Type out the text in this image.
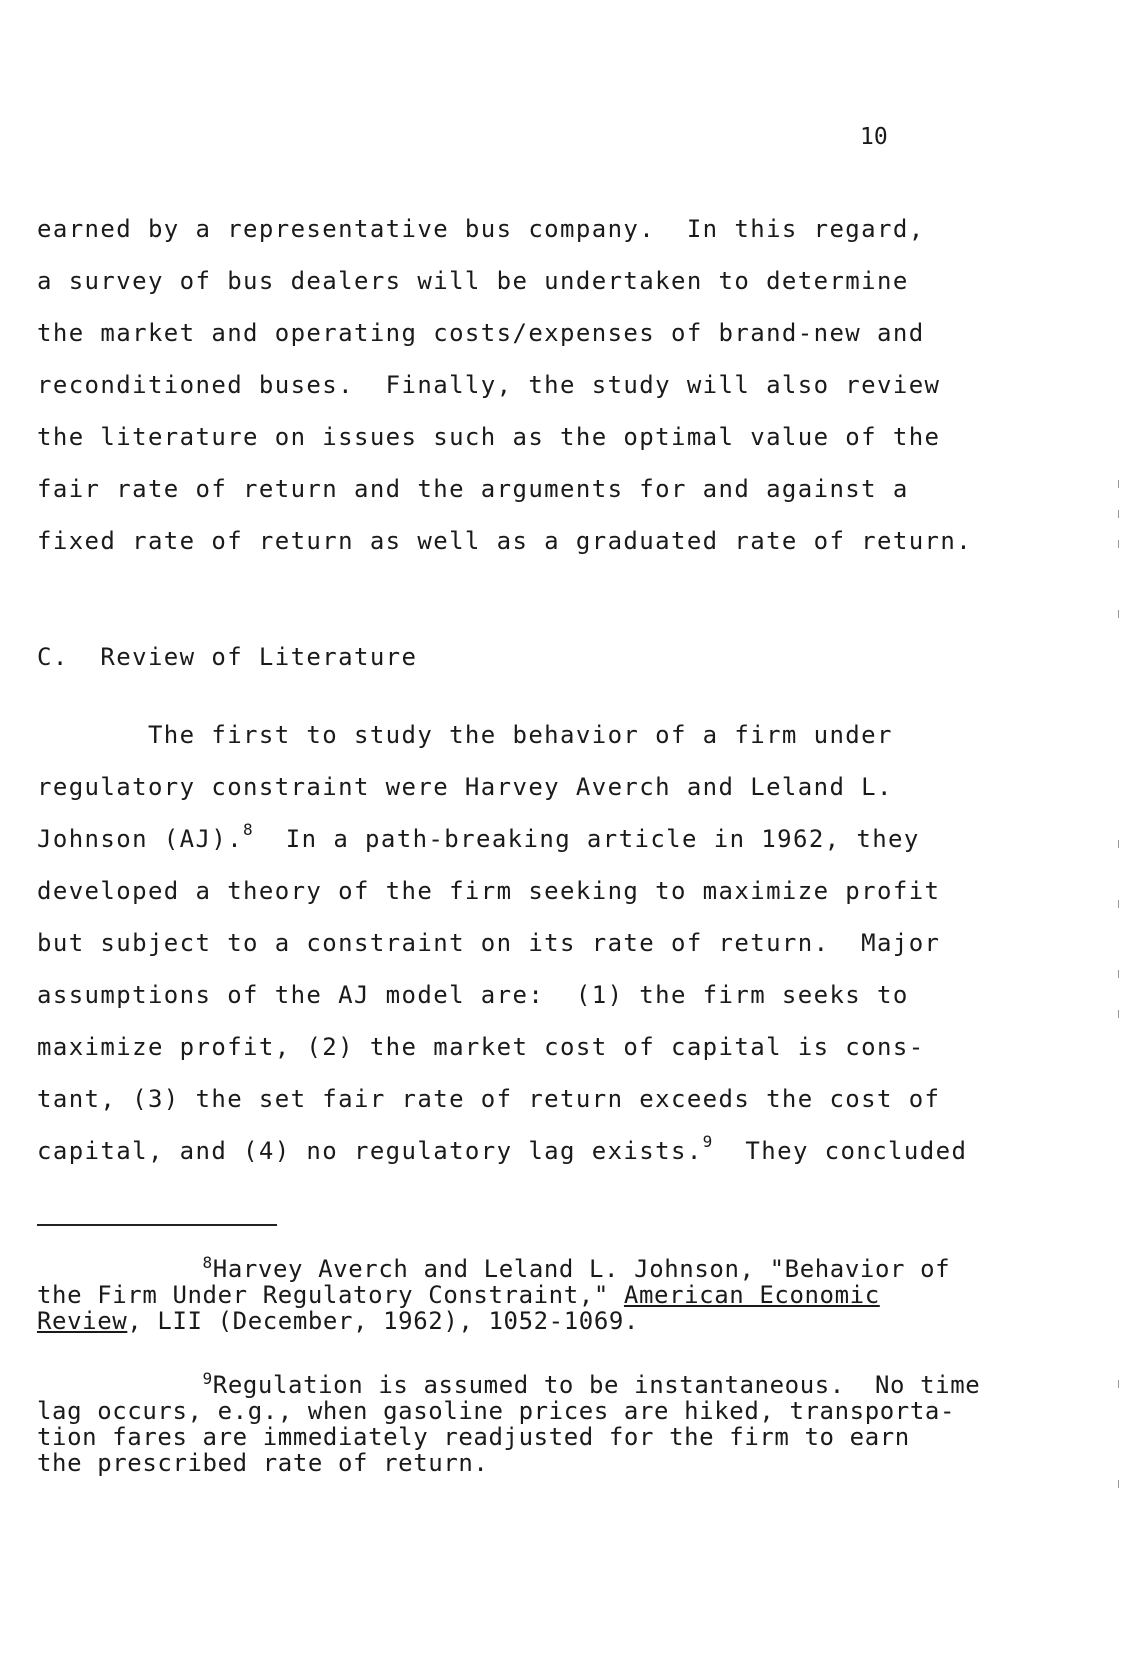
10
earned by a representative bus company.  In this regard,
a survey of bus dealers will be undertaken to determine
the market and operating costs/expenses of brand-new and
reconditioned buses.  Finally, the study will also review
the literature on issues such as the optimal value of the
fair rate of return and the arguments for and against a
fixed rate of return as well as a graduated rate of return.
C.  Review of Literature
The first to study the behavior of a firm under
regulatory constraint were Harvey Averch and Leland L.
Johnson (AJ).$^8$  In a path-breaking article in 1962, they
developed a theory of the firm seeking to maximize profit
but subject to a constraint on its rate of return.  Major
assumptions of the AJ model are:  (1) the firm seeks to
maximize profit, (2) the market cost of capital is cons-
tant, (3) the set fair rate of return exceeds the cost of
capital, and (4) no regulatory lag exists.$^9$  They concluded
$^8$Harvey Averch and Leland L. Johnson, "Behavior of
the Firm Under Regulatory Constraint," American Economic
Review, LII (December, 1962), 1052-1069.
$^9$Regulation is assumed to be instantaneous.  No time
lag occurs, e.g., when gasoline prices are hiked, transporta-
tion fares are immediately readjusted for the firm to earn
the prescribed rate of return.
